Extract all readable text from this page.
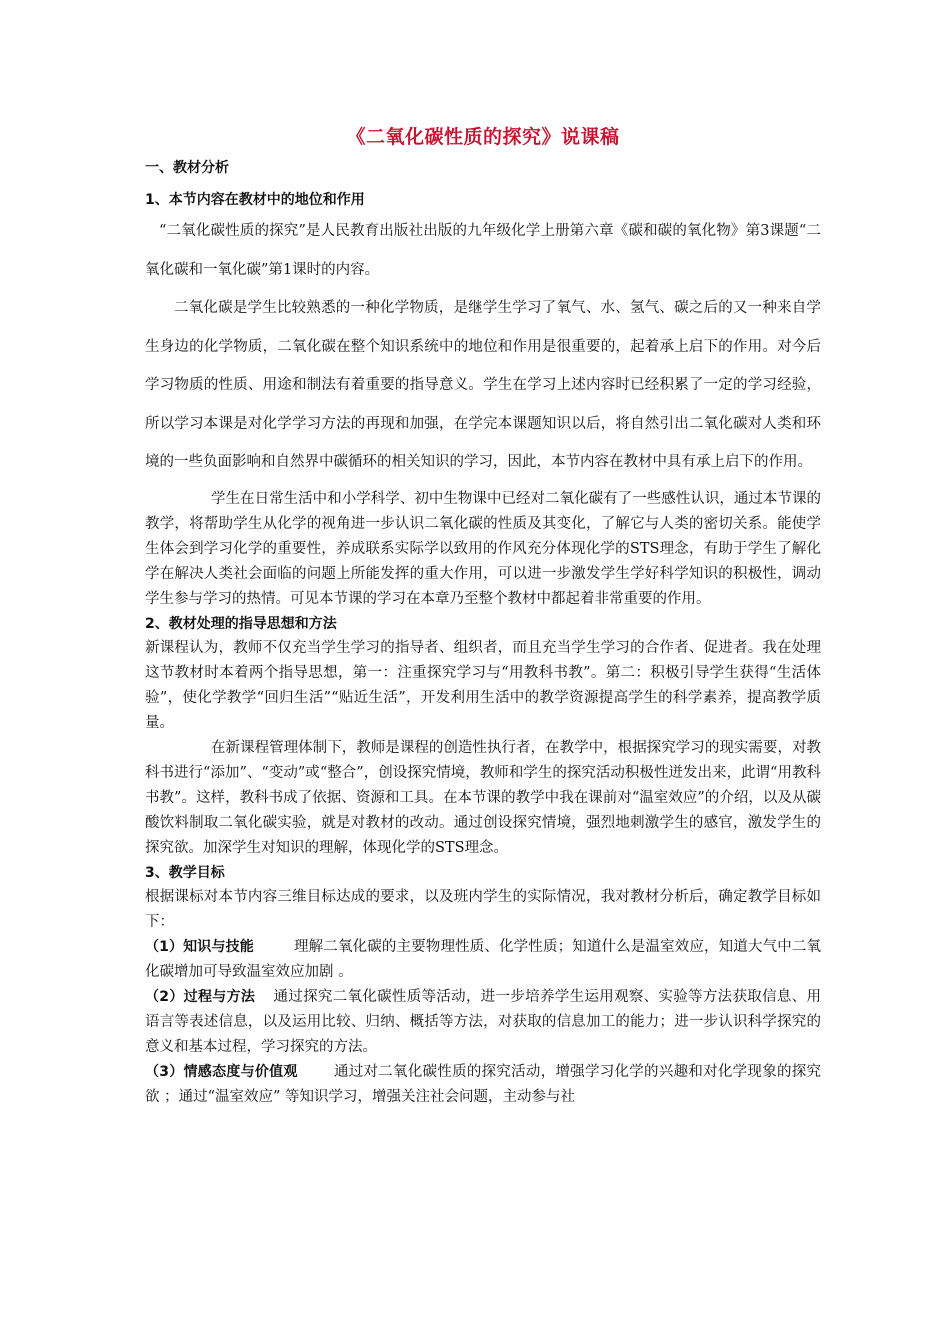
《二氧化碳性质的探究》说课稿
一、教材分析
1、本节内容在教材中的地位和作用

“二氧化碳性质的探究”是人民教育出版社出版的九年级化学上册第六章《碳和碳的氧化物》第3课题“二氧化碳和一氧化碳”第1课时的内容。

二氧化碳是学生比较熟悉的一种化学物质，是继学生学习了氧气、水、氢气、碳之后的又一种来自学生身边的化学物质，二氧化碳在整个知识系统中的地位和作用是很重要的，起着承上启下的作用。对今后学习物质的性质、用途和制法有着重要的指导意义。学生在学习上述内容时已经积累了一定的学习经验，所以学习本课是对化学学习方法的再现和加强，在学完本课题知识以后，将自然引出二氧化碳对人类和环境的一些负面影响和自然界中碳循环的相关知识的学习，因此，本节内容在教材中具有承上启下的作用。

学生在日常生活中和小学科学、初中生物课中已经对二氧化碳有了一些感性认识，通过本节课的教学，将帮助学生从化学的视角进一步认识二氧化碳的性质及其变化，了解它与人类的密切关系。能使学生体会到学习化学的重要性，养成联系实际学以致用的作风充分体现化学的STS理念，有助于学生了解化学在解决人类社会面临的问题上所能发挥的重大作用，可以进一步激发学生学好科学知识的积极性，调动学生参与学习的热情。可见本节课的学习在本章乃至整个教材中都起着非常重要的作用。

2、教材处理的指导思想和方法

新课程认为，教师不仅充当学生学习的指导者、组织者，而且充当学生学习的合作者、促进者。我在处理这节教材时本着两个指导思想，第一：注重探究学习与“用教科书教”。第二：积极引导学生获得“生活体验”，使化学教学“回归生活”“贴近生活”，开发利用生活中的教学资源提高学生的科学素养，提高教学质量。

在新课程管理体制下，教师是课程的创造性执行者，在教学中，根据探究学习的现实需要，对教科书进行“添加”、“变动”或“整合”，创设探究情境，教师和学生的探究活动积极性迸发出来，此谓“用教科书教”。这样，教科书成了依据、资源和工具。在本节课的教学中我在课前对“温室效应”的介绍，以及从碳酸饮料制取二氧化碳实验，就是对教材的改动。通过创设探究情境，强烈地刺激学生的感官，激发学生的探究欲。加深学生对知识的理解，体现化学的STS理念。

3、教学目标

根据课标对本节内容三维目标达成的要求，以及班内学生的实际情况，我对教材分析后，确定教学目标如下：

（1）知识与技能	理解二氧化碳的主要物理性质、化学性质；知道什么是温室效应，知道大气中二氧化碳增加可导致温室效应加剧 。

（2）过程与方法 通过探究二氧化碳性质等活动，进一步培养学生运用观察、实验等方法获取信息、用语言等表述信息，以及运用比较、归纳、概括等方法，对获取的信息加工的能力；进一步认识科学探究的意义和基本过程，学习探究的方法。

（3）情感态度与价值观 通过对二氧化碳性质的探究活动，增强学习化学的兴趣和对化学现象的探究欲 ；通过“温室效应” 等知识学习，增强关注社会问题，主动参与社
